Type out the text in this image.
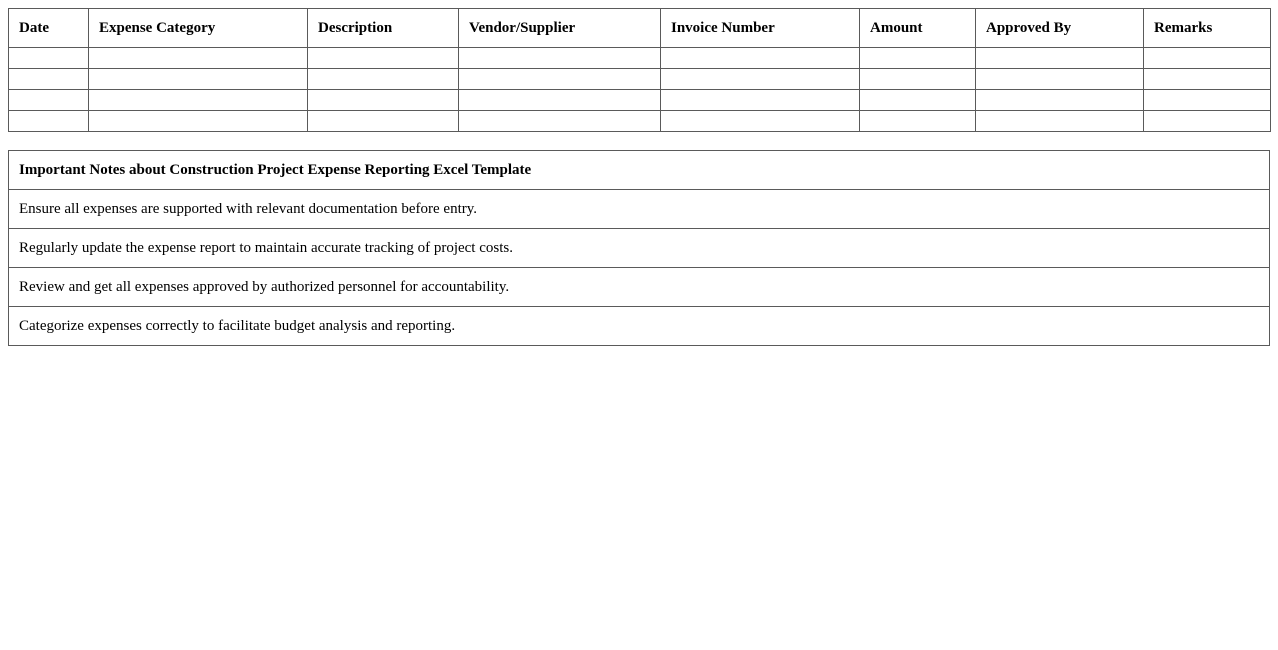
Date	Expense Category	Description	Vendor/Supplier	Invoice Number	Amount	Approved By	Remarks

Important Notes about Construction Project Expense Reporting Excel Template
Ensure all expenses are supported with relevant documentation before entry.
Regularly update the expense report to maintain accurate tracking of project costs.
Review and get all expenses approved by authorized personnel for accountability.
Categorize expenses correctly to facilitate budget analysis and reporting.
